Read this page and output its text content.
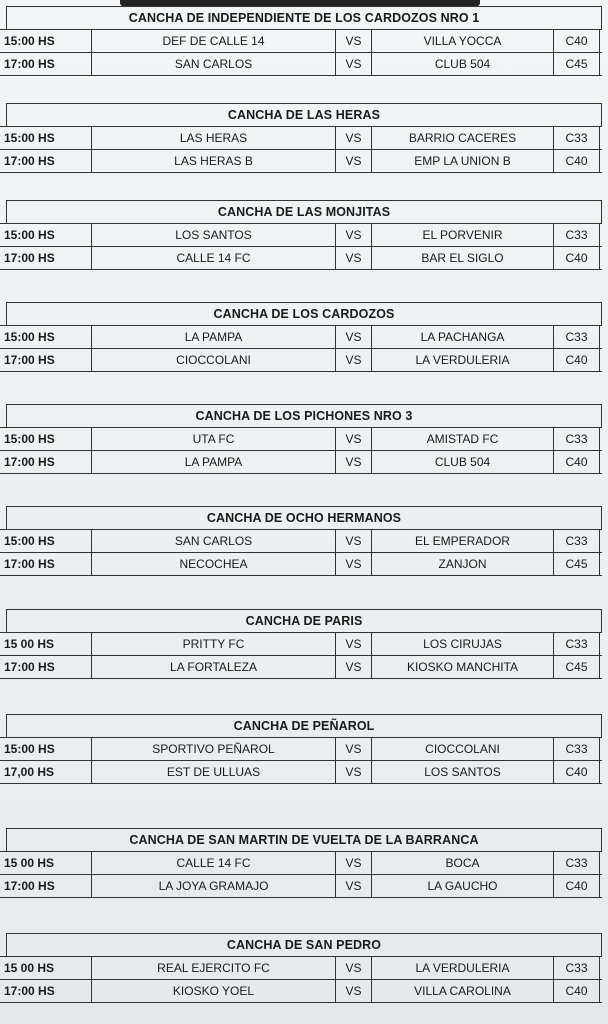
CANCHA DE INDEPENDIENTE DE LOS CARDOZOS NRO 1
15:00 HS	DEF DE CALLE 14	VS	VILLA YOCCA	C40
17:00 HS	SAN CARLOS	VS	CLUB 504	C45
CANCHA DE LAS HERAS
15:00 HS	LAS HERAS	VS	BARRIO CACERES	C33
17:00 HS	LAS HERAS B	VS	EMP LA UNION B	C40
CANCHA DE LAS MONJITAS
15:00 HS	LOS SANTOS	VS	EL PORVENIR	C33
17:00 HS	CALLE 14 FC	VS	BAR EL SIGLO	C40
CANCHA DE LOS CARDOZOS
15:00 HS	LA PAMPA	VS	LA PACHANGA	C33
17:00 HS	CIOCCOLANI	VS	LA VERDULERIA	C40
CANCHA DE LOS PICHONES NRO 3
15:00 HS	UTA FC	VS	AMISTAD FC	C33
17:00 HS	LA PAMPA	VS	CLUB 504	C40
CANCHA DE OCHO HERMANOS
15:00 HS	SAN CARLOS	VS	EL EMPERADOR	C33
17:00 HS	NECOCHEA	VS	ZANJON	C45
CANCHA DE PARIS
15 00 HS	PRITTY FC	VS	LOS CIRUJAS	C33
17:00 HS	LA FORTALEZA	VS	KIOSKO MANCHITA	C45
CANCHA DE PEÑAROL
15:00 HS	SPORTIVO PEÑAROL	VS	CIOCCOLANI	C33
17,00 HS	EST DE ULLUAS	VS	LOS SANTOS	C40
CANCHA DE SAN MARTIN DE VUELTA DE LA BARRANCA
15 00 HS	CALLE 14 FC	VS	BOCA	C33
17:00 HS	LA JOYA GRAMAJO	VS	LA GAUCHO	C40
CANCHA DE SAN PEDRO
15 00 HS	REAL EJERCITO FC	VS	LA VERDULERIA	C33
17:00 HS	KIOSKO YOEL	VS	VILLA CAROLINA	C40
